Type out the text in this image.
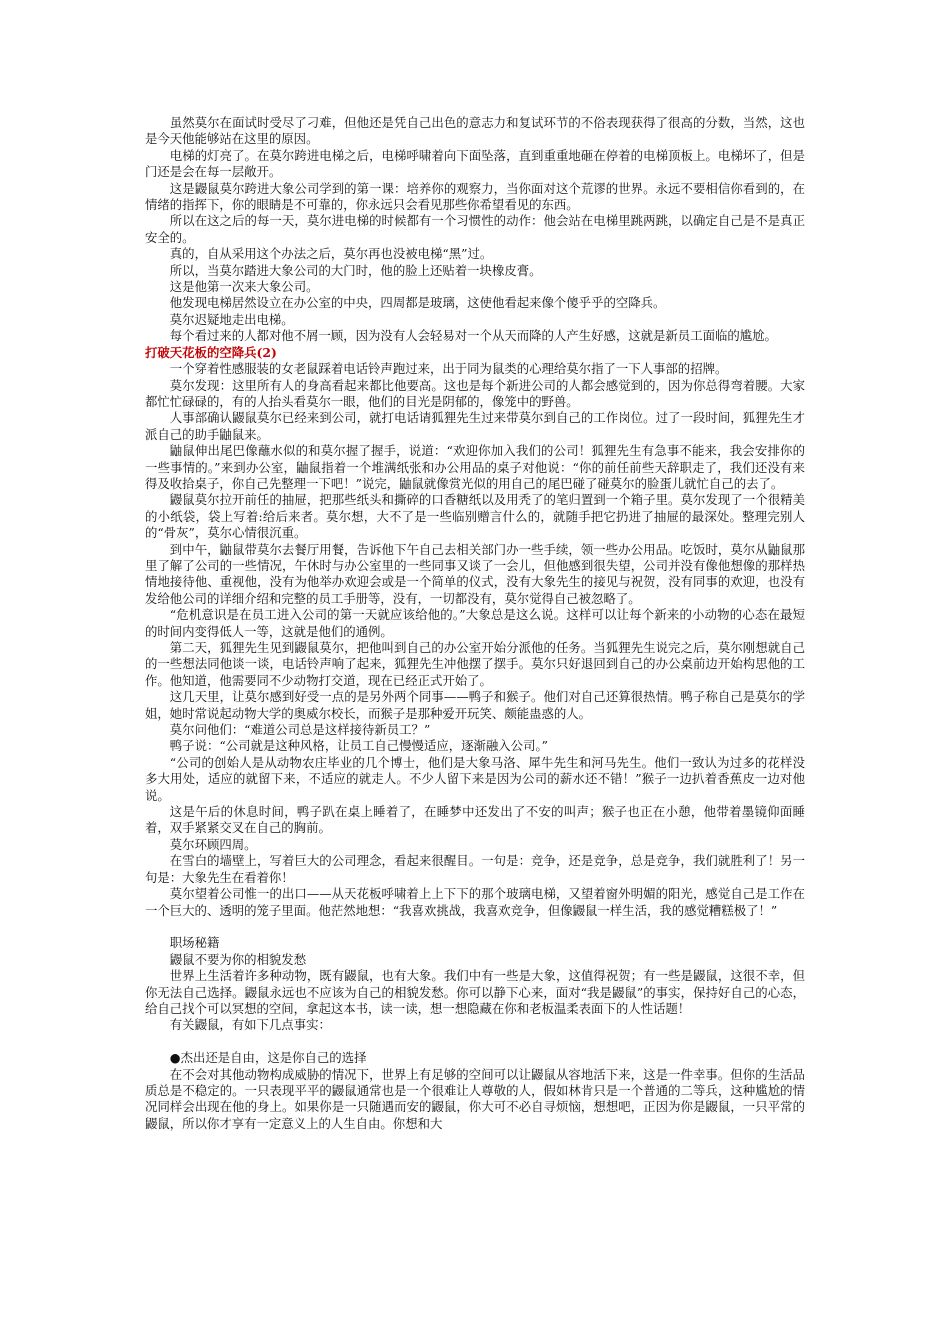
虽然莫尔在面试时受尽了刁难，但他还是凭自己出色的意志力和复试环节的不俗表现获得了很高的分数，当然，这也是今天他能够站在这里的原因。

电梯的灯亮了。在莫尔跨进电梯之后，电梯呼啸着向下面坠落，直到重重地砸在停着的电梯顶板上。电梯坏了，但是门还是会在每一层敞开。

这是鼹鼠莫尔跨进大象公司学到的第一课：培养你的观察力，当你面对这个荒谬的世界。永远不要相信你看到的，在情绪的指挥下，你的眼睛是不可靠的，你永远只会看见那些你希望看见的东西。

所以在这之后的每一天，莫尔进电梯的时候都有一个习惯性的动作：他会站在电梯里跳两跳，以确定自己是不是真正安全的。

真的，自从采用这个办法之后，莫尔再也没被电梯“黑”过。

所以，当莫尔踏进大象公司的大门时，他的脸上还贴着一块橡皮膏。

这是他第一次来大象公司。

他发现电梯居然设立在办公室的中央，四周都是玻璃，这使他看起来像个傻乎乎的空降兵。

莫尔迟疑地走出电梯。

每个看过来的人都对他不屑一顾，因为没有人会轻易对一个从天而降的人产生好感，这就是新员工面临的尴尬。

打破天花板的空降兵(2)

一个穿着性感服装的女老鼠踩着电话铃声跑过来，出于同为鼠类的心理给莫尔指了一下人事部的招牌。

莫尔发现：这里所有人的身高看起来都比他要高。这也是每个新进公司的人都会感觉到的，因为你总得弯着腰。大家都忙忙碌碌的，有的人抬头看莫尔一眼，他们的目光是阴郁的，像笼中的野兽。

人事部确认鼹鼠莫尔已经来到公司，就打电话请狐狸先生过来带莫尔到自己的工作岗位。过了一段时间，狐狸先生才派自己的助手鼬鼠来。

鼬鼠伸出尾巴像蘸水似的和莫尔握了握手，说道：“欢迎你加入我们的公司！狐狸先生有急事不能来，我会安排你的一些事情的。”来到办公室，鼬鼠指着一个堆满纸张和办公用品的桌子对他说：“你的前任前些天辞职走了，我们还没有来得及收拾桌子，你自己先整理一下吧！”说完，鼬鼠就像赏光似的用自己的尾巴碰了碰莫尔的脸蛋儿就忙自己的去了。

鼹鼠莫尔拉开前任的抽屉，把那些纸头和撕碎的口香糖纸以及用秃了的笔归置到一个箱子里。莫尔发现了一个很精美的小纸袋，袋上写着:给后来者。莫尔想，大不了是一些临别赠言什么的，就随手把它扔进了抽屉的最深处。整理完别人的“骨灰”，莫尔心情很沉重。

到中午，鼬鼠带莫尔去餐厅用餐，告诉他下午自己去相关部门办一些手续，领一些办公用品。吃饭时，莫尔从鼬鼠那里了解了公司的一些情况，午休时与办公室里的一些同事又谈了一会儿，但他感到很失望，公司并没有像他想像的那样热情地接待他、重视他，没有为他举办欢迎会或是一个简单的仪式，没有大象先生的接见与祝贺，没有同事的欢迎，也没有发给他公司的详细介绍和完整的员工手册等，没有，一切都没有，莫尔觉得自己被忽略了。

“危机意识是在员工进入公司的第一天就应该给他的。”大象总是这么说。这样可以让每个新来的小动物的心态在最短的时间内变得低人一等，这就是他们的通例。

第二天，狐狸先生见到鼹鼠莫尔，把他叫到自己的办公室开始分派他的任务。当狐狸先生说完之后，莫尔刚想就自己的一些想法同他谈一谈，电话铃声响了起来，狐狸先生冲他摆了摆手。莫尔只好退回到自己的办公桌前边开始构思他的工作。他知道，他需要同不少动物打交道，现在已经正式开始了。

这几天里，让莫尔感到好受一点的是另外两个同事——鸭子和猴子。他们对自己还算很热情。鸭子称自己是莫尔的学姐，她时常说起动物大学的奥威尔校长，而猴子是那种爱开玩笑、颇能蛊惑的人。

莫尔问他们：“难道公司总是这样接待新员工？”

鸭子说：“公司就是这种风格，让员工自己慢慢适应，逐渐融入公司。”

“公司的创始人是从动物农庄毕业的几个博士，他们是大象马洛、犀牛先生和河马先生。他们一致认为过多的花样没多大用处，适应的就留下来，不适应的就走人。不少人留下来是因为公司的薪水还不错！”猴子一边扒着香蕉皮一边对他说。

这是午后的休息时间，鸭子趴在桌上睡着了，在睡梦中还发出了不安的叫声；猴子也正在小憩，他带着墨镜仰面睡着，双手紧紧交叉在自己的胸前。

莫尔环顾四周。

在雪白的墙壁上，写着巨大的公司理念，看起来很醒目。一句是：竞争，还是竞争，总是竞争，我们就胜利了！另一句是：大象先生在看着你！

莫尔望着公司惟一的出口——从天花板呼啸着上上下下的那个玻璃电梯，又望着窗外明媚的阳光，感觉自己是工作在一个巨大的、透明的笼子里面。他茫然地想：“我喜欢挑战，我喜欢竞争，但像鼹鼠一样生活，我的感觉糟糕极了！”

职场秘籍

鼹鼠不要为你的相貌发愁

世界上生活着许多种动物，既有鼹鼠，也有大象。我们中有一些是大象，这值得祝贺；有一些是鼹鼠，这很不幸，但你无法自己选择。鼹鼠永远也不应该为自己的相貌发愁。你可以静下心来，面对“我是鼹鼠”的事实，保持好自己的心态，给自己找个可以冥想的空间，拿起这本书，读一读，想一想隐藏在你和老板温柔表面下的人性话题！

有关鼹鼠，有如下几点事实：

●杰出还是自由，这是你自己的选择

在不会对其他动物构成威胁的情况下，世界上有足够的空间可以让鼹鼠从容地活下来，这是一件幸事。但你的生活品质总是不稳定的。一只表现平平的鼹鼠通常也是一个很难让人尊敬的人，假如林肯只是一个普通的二等兵，这种尴尬的情况同样会出现在他的身上。如果你是一只随遇而安的鼹鼠，你大可不必自寻烦恼，想想吧，正因为你是鼹鼠，一只平常的鼹鼠，所以你才享有一定意义上的人生自由。你想和大
